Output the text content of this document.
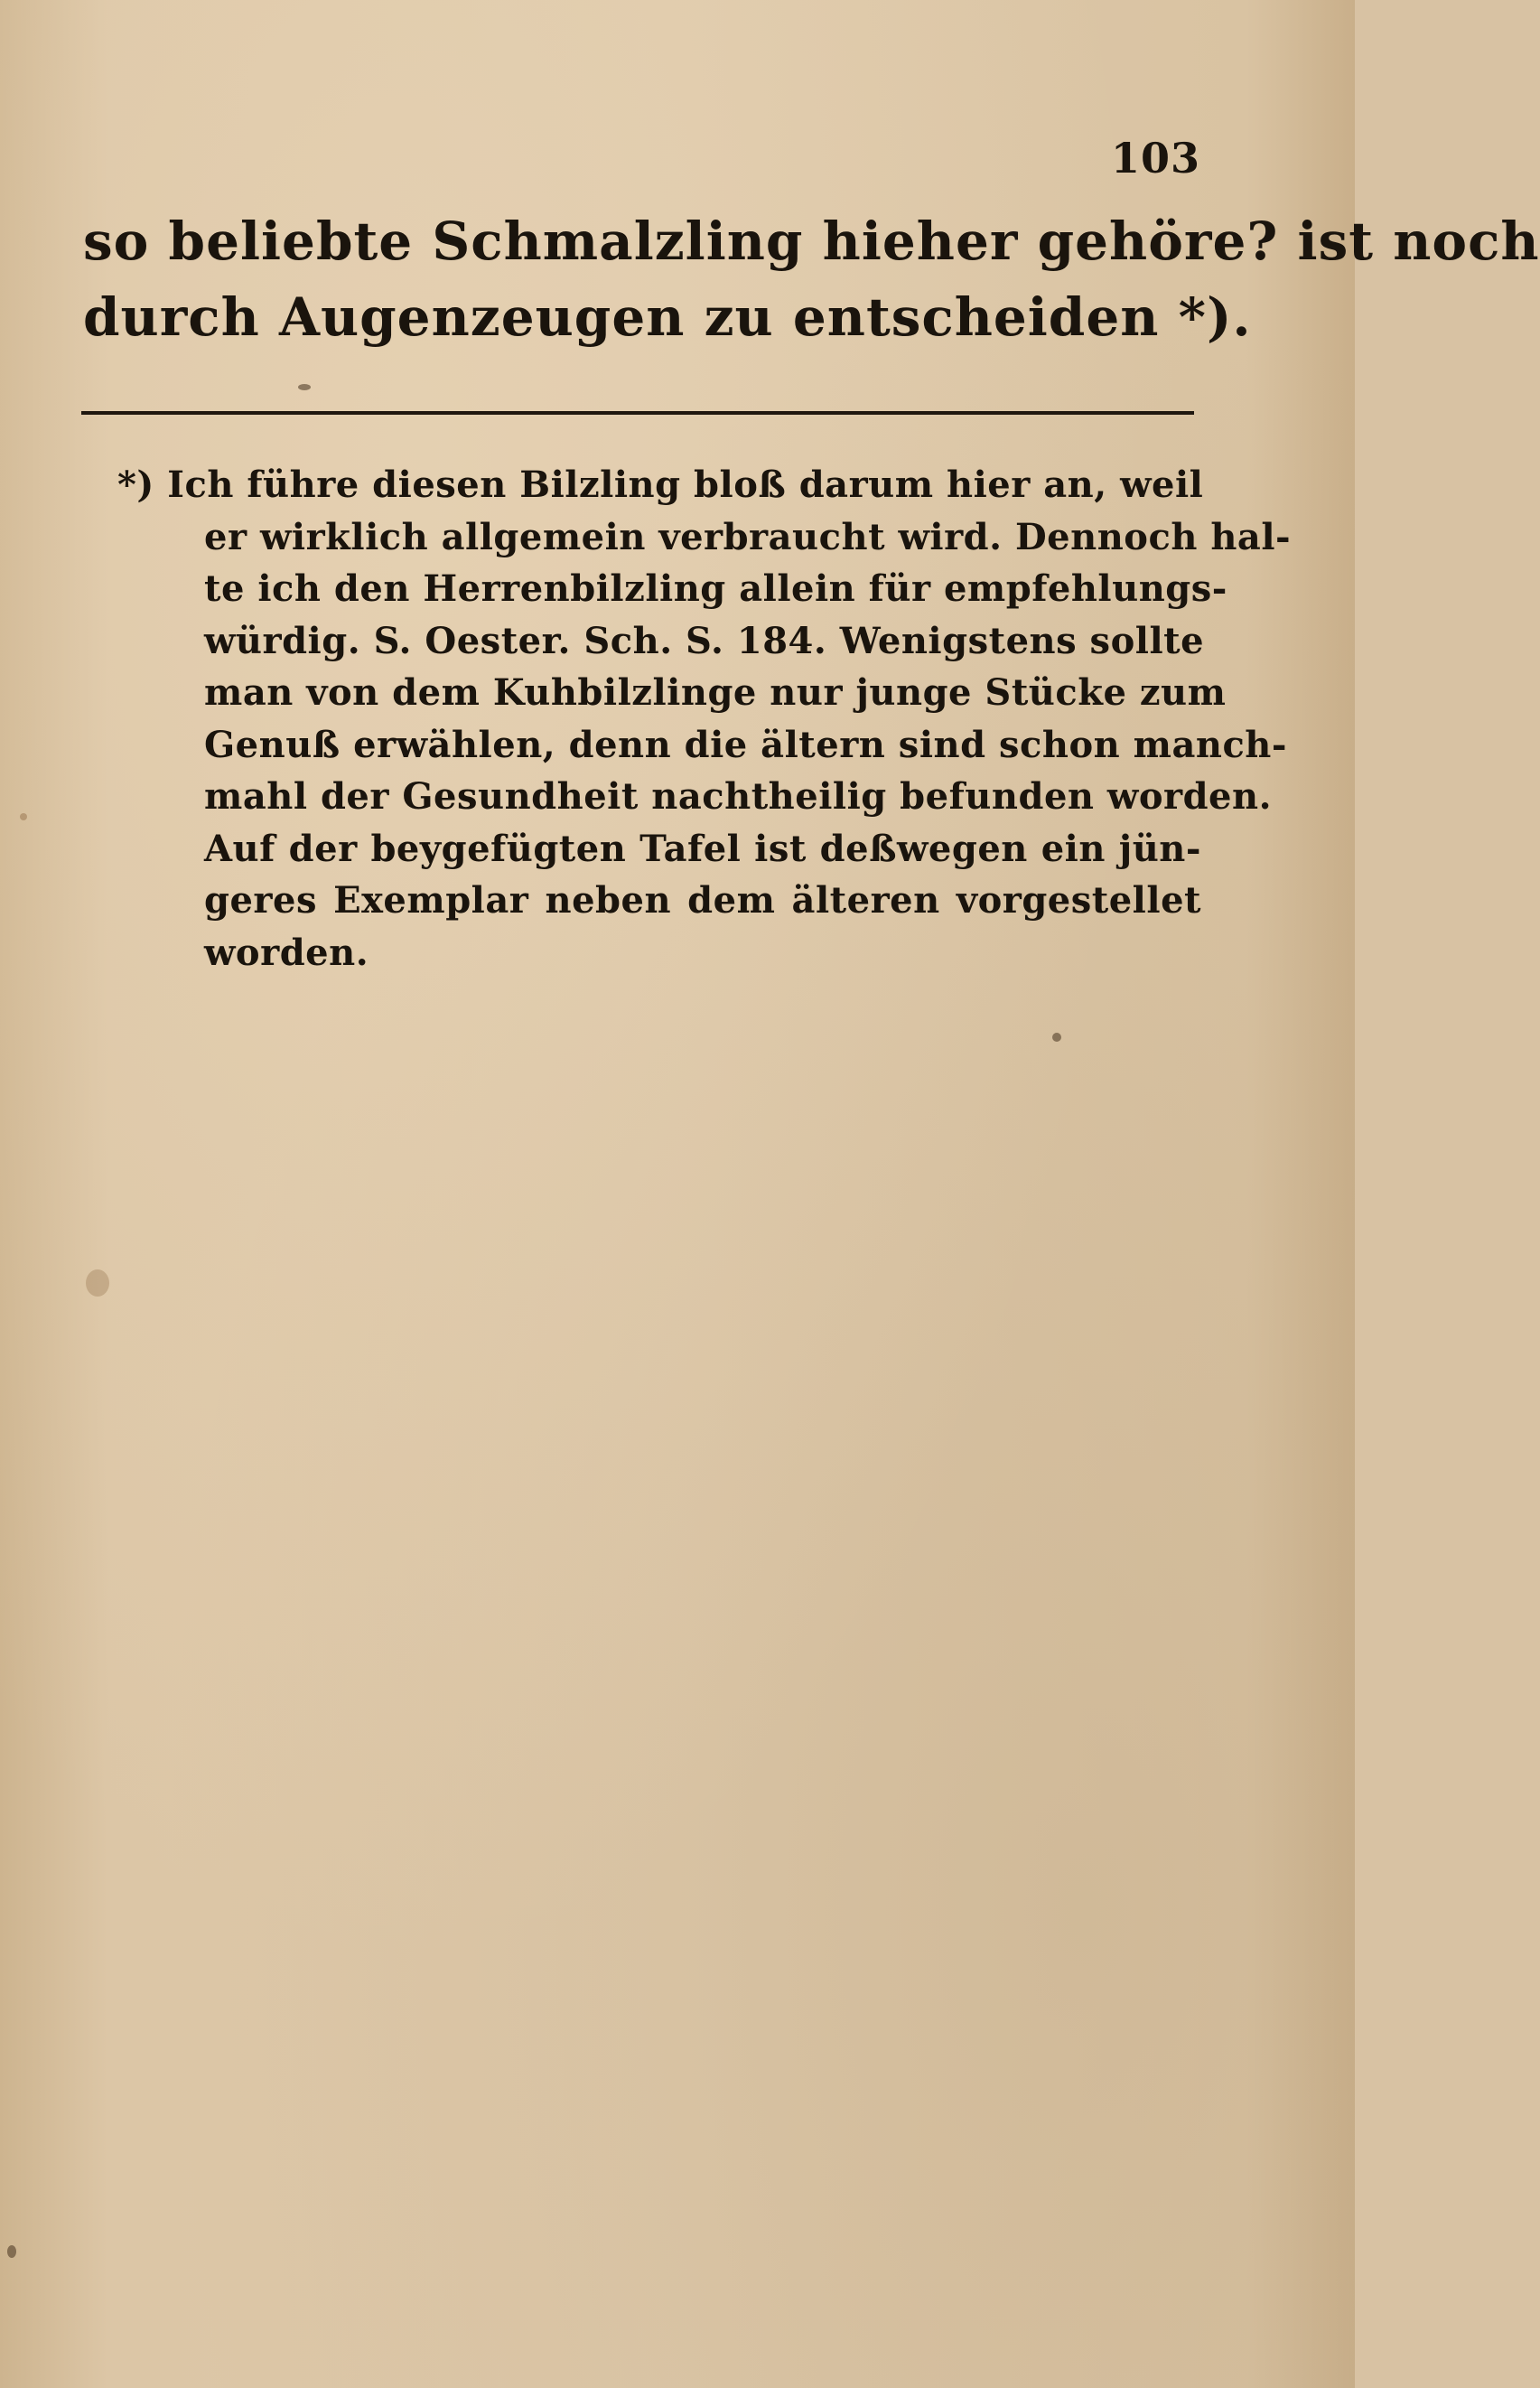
103
so beliebte Schmalzling hieher gehöre? ist noch
durch Augenzeugen zu entscheiden *).
*) Ich führe diesen Bilzling bloß darum hier an, weil
er wirklich allgemein verbraucht wird. Dennoch hal-
te ich den Herrenbilzling allein für empfehlungs-
würdig. S. Oester. Sch. S. 184. Wenigstens sollte
man von dem Kuhbilzlinge nur junge Stücke zum
Genuß erwählen, denn die ältern sind schon manch-
mahl der Gesundheit nachtheilig befunden worden.
Auf der beygefügten Tafel ist deßwegen ein jün-
geres Exemplar neben dem älteren vorgestellet
worden.
